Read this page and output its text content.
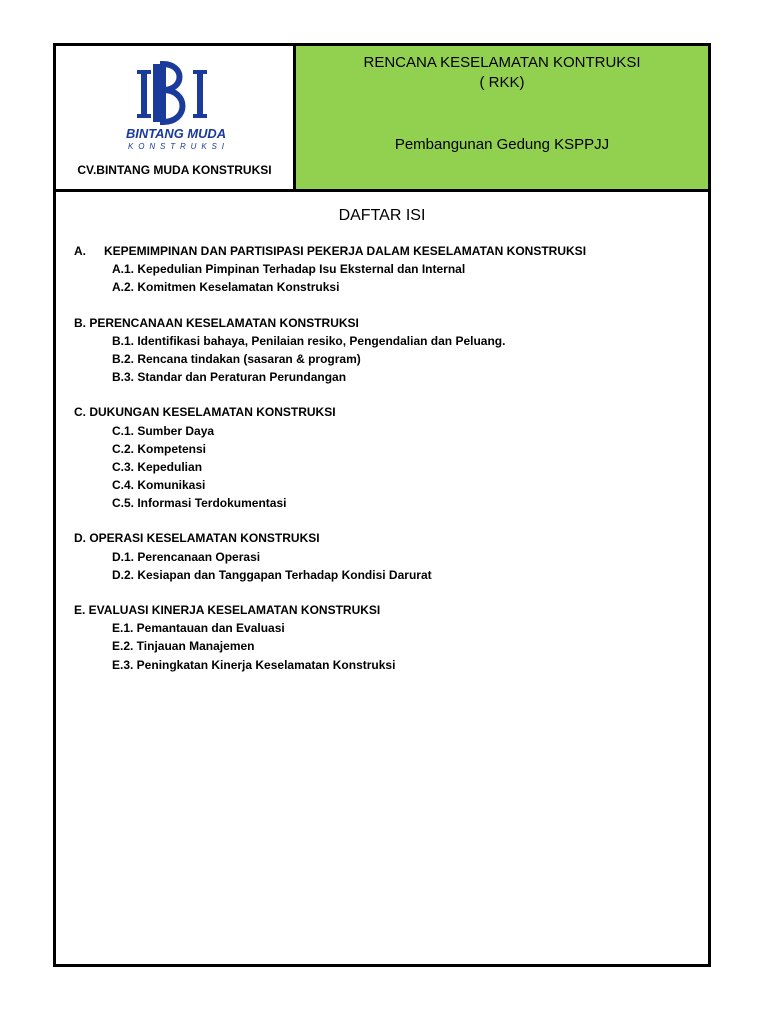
BINTANG MUDA
KONSTRUKSI
CV.BINTANG MUDA KONSTRUKSI
RENCANA KESELAMATAN KONTRUKSI
( RKK)
Pembangunan Gedung KSPPJJ
DAFTAR ISI
A. KEPEMIMPINAN DAN PARTISIPASI PEKERJA DALAM KESELAMATAN KONSTRUKSI
A.1. Kepedulian Pimpinan Terhadap Isu Eksternal dan Internal
A.2. Komitmen Keselamatan Konstruksi
B. PERENCANAAN KESELAMATAN KONSTRUKSI
B.1. Identifikasi bahaya, Penilaian resiko, Pengendalian dan Peluang.
B.2. Rencana tindakan (sasaran & program)
B.3. Standar dan Peraturan Perundangan
C. DUKUNGAN KESELAMATAN KONSTRUKSI
C.1. Sumber Daya
C.2. Kompetensi
C.3. Kepedulian
C.4. Komunikasi
C.5. Informasi Terdokumentasi
D. OPERASI KESELAMATAN KONSTRUKSI
D.1. Perencanaan Operasi
D.2. Kesiapan dan Tanggapan Terhadap Kondisi Darurat
E. EVALUASI KINERJA KESELAMATAN KONSTRUKSI
E.1. Pemantauan dan Evaluasi
E.2. Tinjauan Manajemen
E.3. Peningkatan Kinerja Keselamatan Konstruksi
